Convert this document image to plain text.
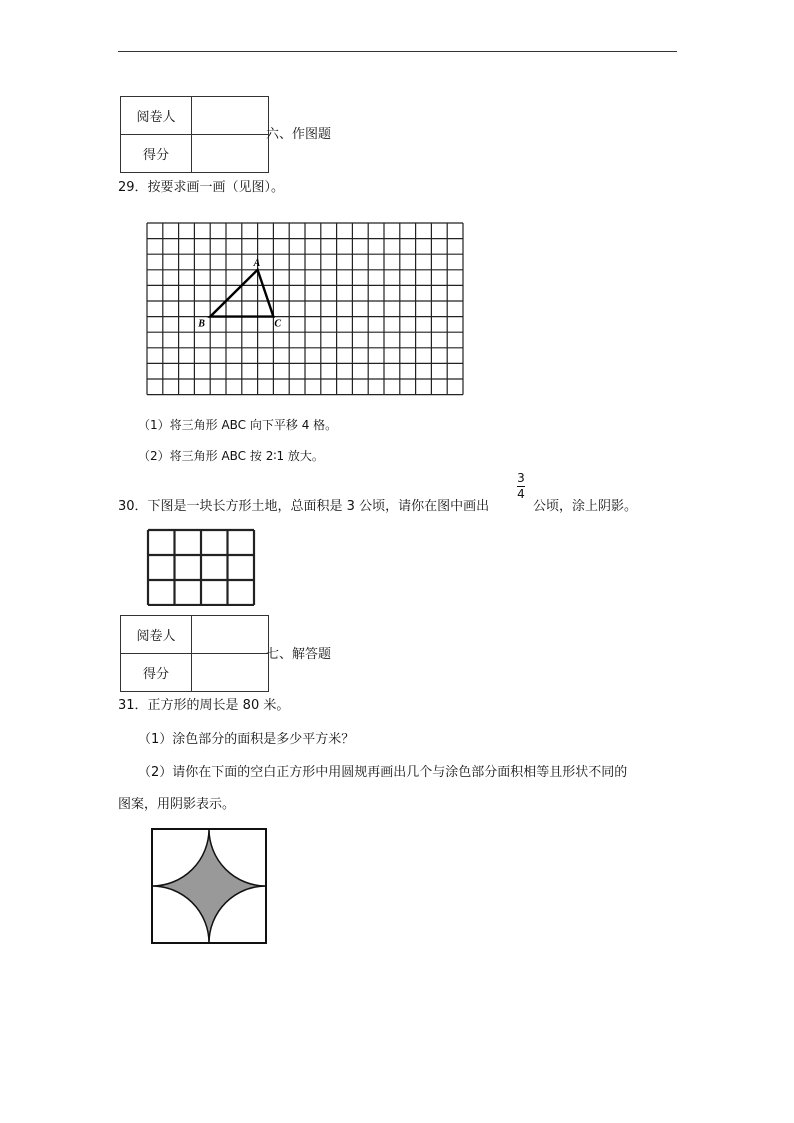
阅卷人	
得分	
六、作图题
29．按要求画一画（见图）。
A
B	C
（1）将三角形 ABC 向下平移 4 格。
（2）将三角形 ABC 按 2∶1 放大。
30．下图是一块长方形土地，总面积是 3 公顷，请你在图中画出
3
4
公顷，涂上阴影。
阅卷人	
得分	
七、解答题
31．正方形的周长是 80 米。
（1）涂色部分的面积是多少平方米？
（2）请你在下面的空白正方形中用圆规再画出几个与涂色部分面积相等且形状不同的
图案，用阴影表示。
